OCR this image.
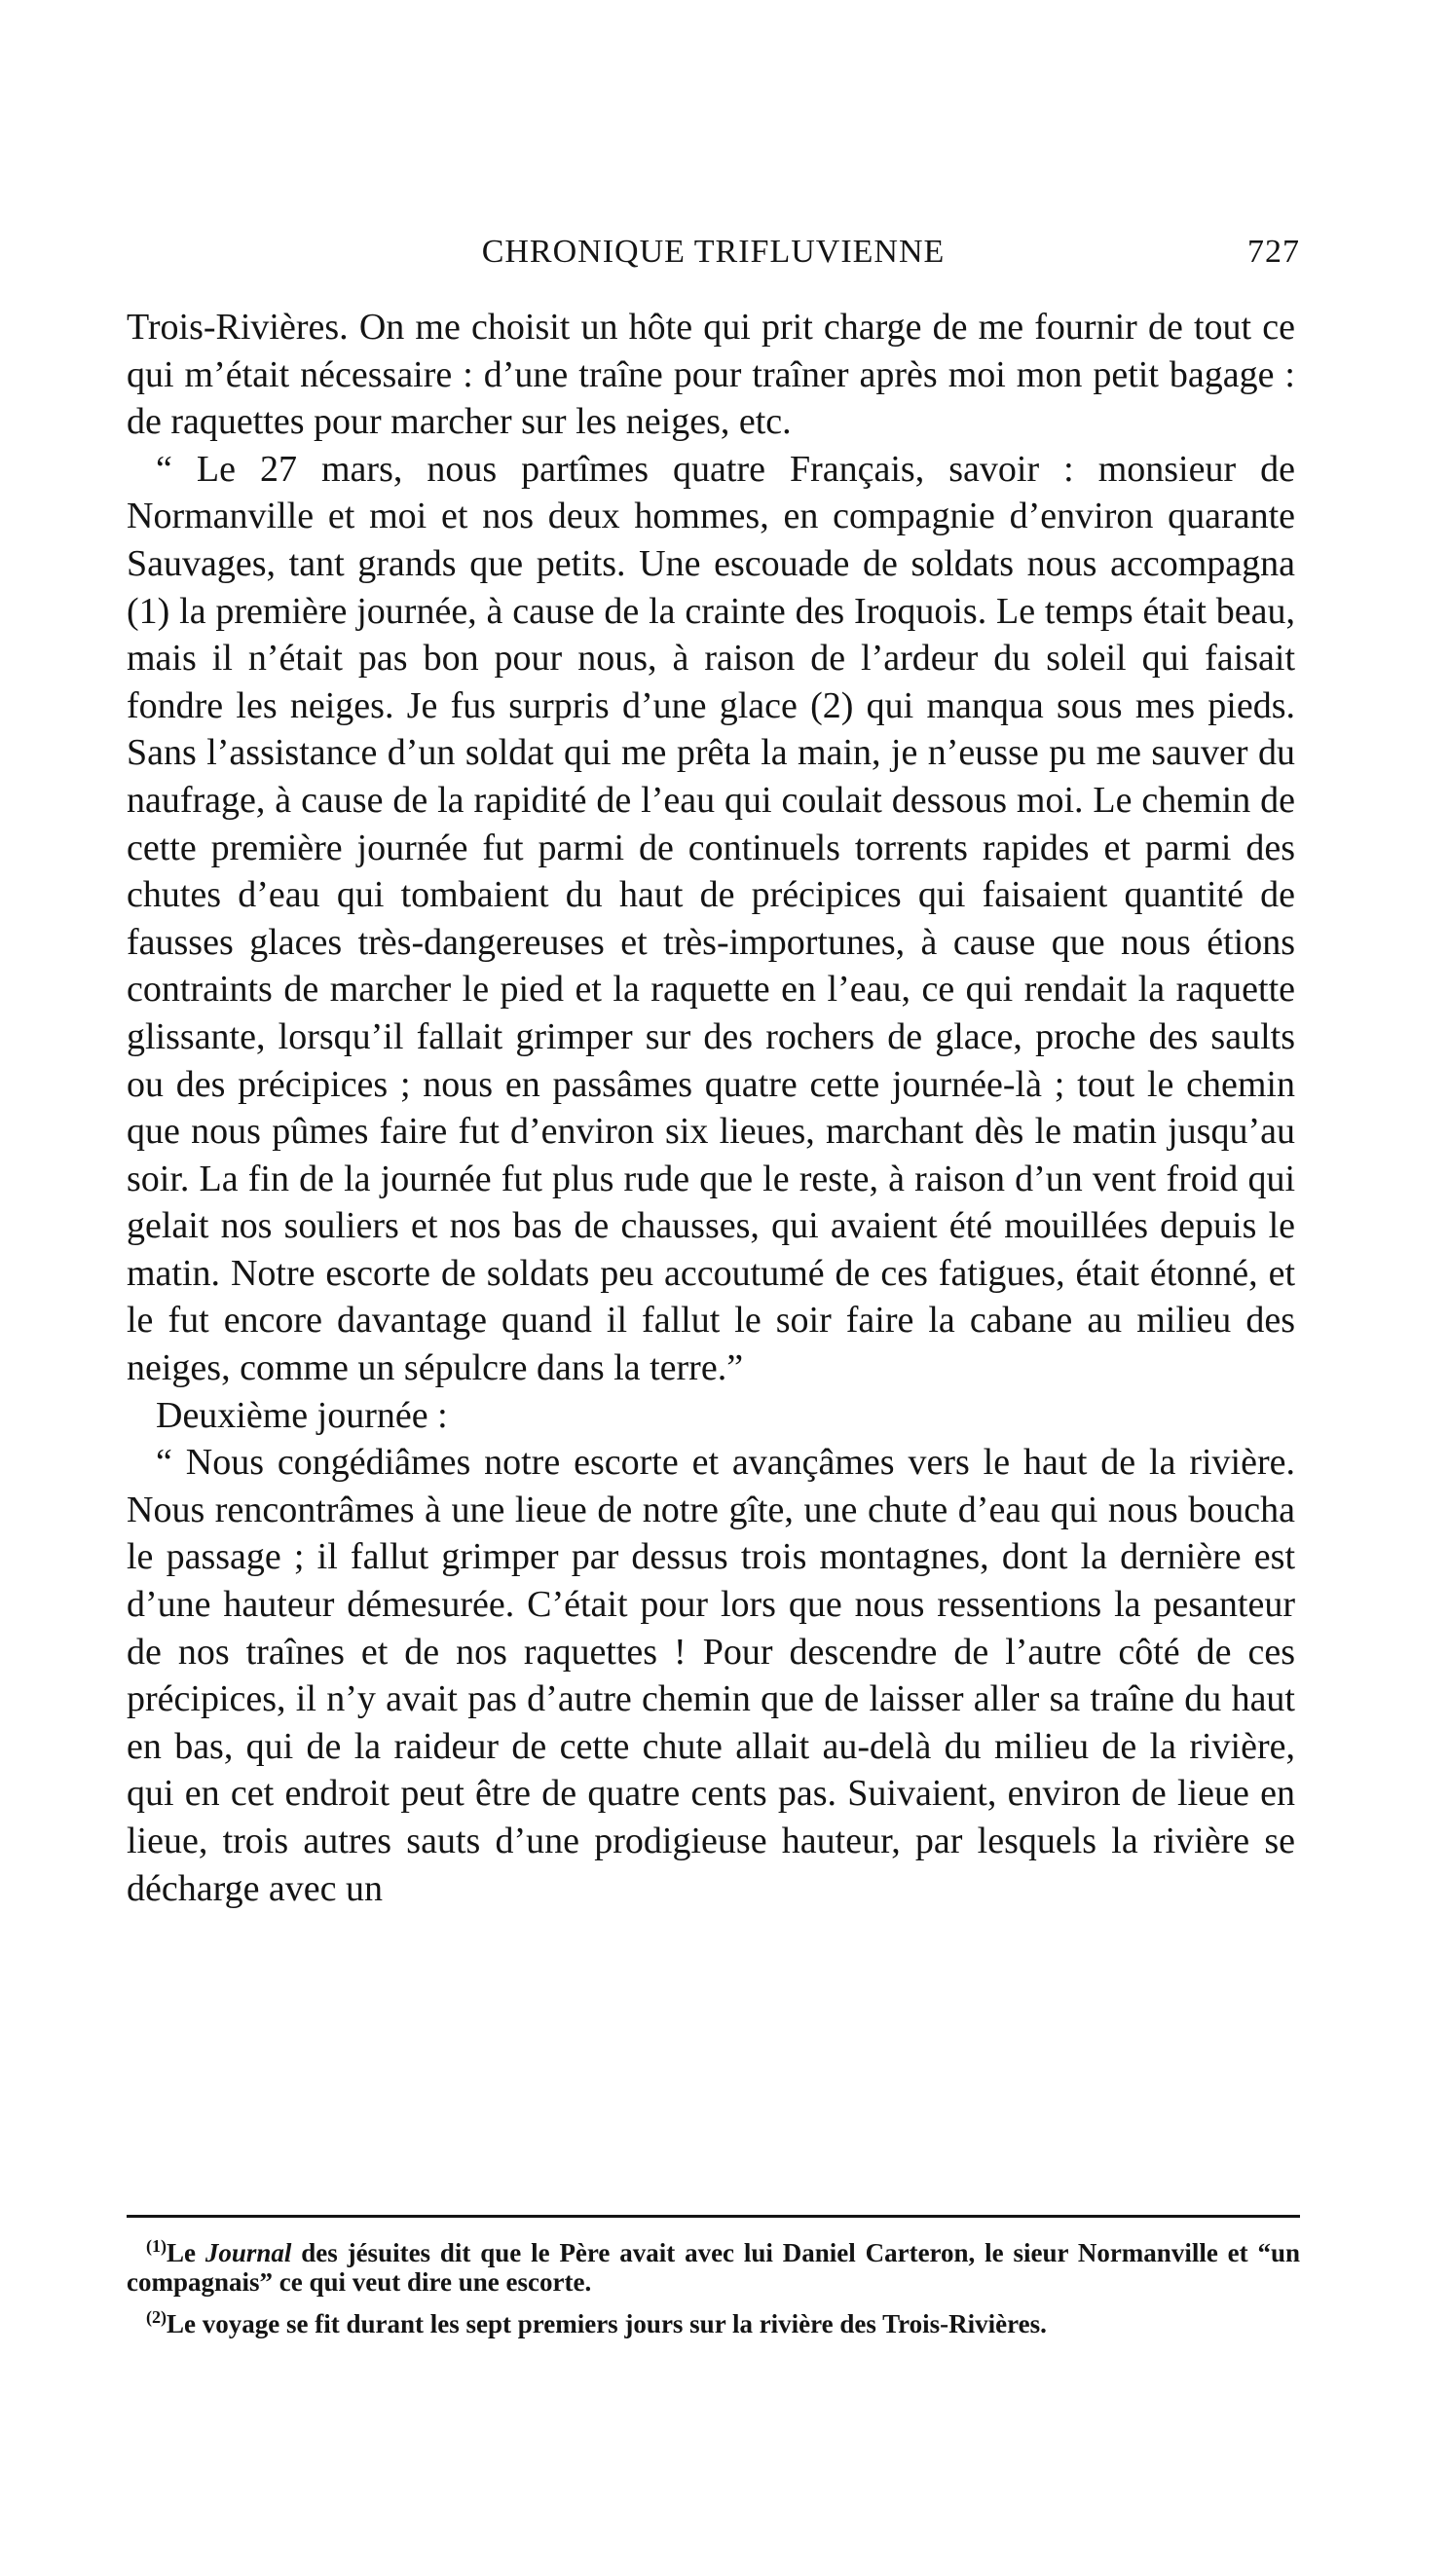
CHRONIQUE TRIFLUVIENNE	727

Trois-Rivières. On me choisit un hôte qui prit charge de me fournir de tout ce qui m’était nécessaire : d’une traîne pour traîner après moi mon petit bagage : de raquettes pour marcher sur les neiges, etc.

“ Le 27 mars, nous partîmes quatre Français, savoir : monsieur de Normanville et moi et nos deux hommes, en compagnie d’environ quarante Sauvages, tant grands que petits. Une escouade de soldats nous accompagna (1) la première journée, à cause de la crainte des Iroquois. Le temps était beau, mais il n’était pas bon pour nous, à raison de l’ardeur du soleil qui faisait fondre les neiges. Je fus surpris d’une glace (2) qui manqua sous mes pieds. Sans l’assistance d’un soldat qui me prêta la main, je n’eusse pu me sauver du naufrage, à cause de la rapidité de l’eau qui coulait dessous moi. Le chemin de cette première journée fut parmi de continuels torrents rapides et parmi des chutes d’eau qui tombaient du haut de précipices qui faisaient quantité de fausses glaces très-dangereuses et très-importunes, à cause que nous étions contraints de marcher le pied et la raquette en l’eau, ce qui rendait la raquette glissante, lorsqu’il fallait grimper sur des rochers de glace, proche des saults ou des précipices ; nous en passâmes quatre cette journée-là ; tout le chemin que nous pûmes faire fut d’environ six lieues, marchant dès le matin jusqu’au soir. La fin de la journée fut plus rude que le reste, à raison d’un vent froid qui gelait nos souliers et nos bas de chausses, qui avaient été mouillées depuis le matin. Notre escorte de soldats peu accoutumé de ces fatigues, était étonné, et le fut encore davantage quand il fallut le soir faire la cabane au milieu des neiges, comme un sépulcre dans la terre.”

Deuxième journée :

“ Nous congédiâmes notre escorte et avançâmes vers le haut de la rivière. Nous rencontrâmes à une lieue de notre gîte, une chute d’eau qui nous boucha le passage ; il fallut grimper par dessus trois montagnes, dont la dernière est d’une hauteur démesurée. C’était pour lors que nous ressentions la pesanteur de nos traînes et de nos raquettes ! Pour descendre de l’autre côté de ces précipices, il n’y avait pas d’autre chemin que de laisser aller sa traîne du haut en bas, qui de la raideur de cette chute allait au-delà du milieu de la rivière, qui en cet endroit peut être de quatre cents pas. Suivaient, environ de lieue en lieue, trois autres sauts d’une prodigieuse hauteur, par lesquels la rivière se décharge avec un

$^{(1)}$Le Journal des jésuites dit que le Père avait avec lui Daniel Carteron, le sieur Normanville et “un compagnais” ce qui veut dire une escorte.

$^{(2)}$Le voyage se fit durant les sept premiers jours sur la rivière des Trois-Rivières.
